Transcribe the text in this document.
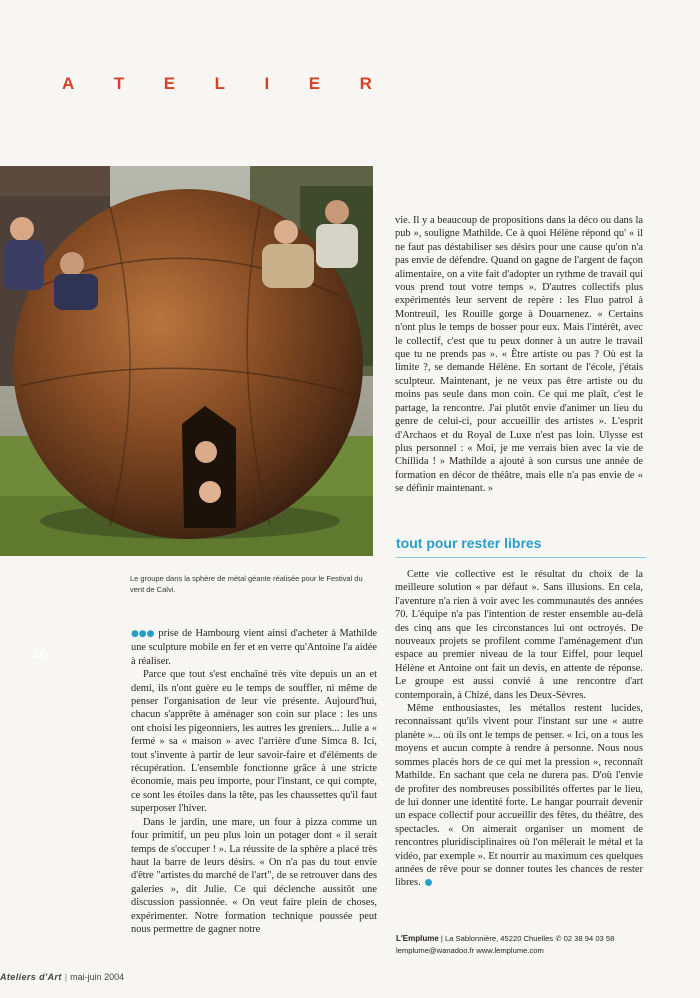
A T E L I E R
30
Le groupe dans la sphère de métal géante réalisée pour le Festival du vent de Calvi.

●●● prise de Hambourg vient ainsi d'acheter à Mathilde une sculpture mobile en fer et en verre qu'Antoine l'a aidée à réaliser.

Parce que tout s'est enchaîné très vite depuis un an et demi, ils n'ont guère eu le temps de souffler, ni même de penser l'organisation de leur vie présente. Aujourd'hui, chacun s'apprête à aménager son coin sur place : les uns ont choisi les pigeonniers, les autres les greniers... Julie a « fermé » sa « maison » avec l'arrière d'une Simca 8. Ici, tout s'invente à partir de leur savoir-faire et d'éléments de récupération. L'ensemble fonctionne grâce à une stricte économie, mais peu importe, pour l'instant, ce qui compte, ce sont les étoiles dans la tête, pas les chaussettes qu'il faut superposer l'hiver.

Dans le jardin, une mare, un four à pizza comme un four primitif, un peu plus loin un potager dont « il serait temps de s'occuper ! ». La réussite de la sphère a placé très haut la barre de leurs désirs. « On n'a pas du tout envie d'être "artistes du marché de l'art", de se retrouver dans des galeries », dit Julie. Ce qui déclenche aussitôt une discussion passionnée. « On veut faire plein de choses, expérimenter. Notre formation technique poussée peut nous permettre de gagner notre

vie. Il y a beaucoup de propositions dans la déco ou dans la pub », souligne Mathilde. Ce à quoi Hélène répond qu' « il ne faut pas déstabiliser ses désirs pour une cause qu'on n'a pas envie de défendre. Quand on gagne de l'argent de façon alimentaire, on a vite fait d'adopter un rythme de travail qui vous prend tout votre temps ». D'autres collectifs plus expérimentés leur servent de repère : les Fluo patrol à Montreuil, les Rouille gorge à Douarnenez. « Certains n'ont plus le temps de bosser pour eux. Mais l'intérêt, avec le collectif, c'est que tu peux donner à un autre le travail que tu ne prends pas ». « Être artiste ou pas ? Où est la limite ?, se demande Hélène. En sortant de l'école, j'étais sculpteur. Maintenant, je ne veux pas être artiste ou du moins pas seule dans mon coin. Ce qui me plaît, c'est le partage, la rencontre. J'ai plutôt envie d'animer un lieu du genre de celui-ci, pour accueillir des artistes ». L'esprit d'Archaos et du Royal de Luxe n'est pas loin. Ulysse est plus personnel : « Moi, je me verrais bien avec la vie de Chillida ! » Mathilde a ajouté à son cursus une année de formation en décor de théâtre, mais elle n'a pas envie de « se définir maintenant. »

tout pour rester libres

Cette vie collective est le résultat du choix de la meilleure solution « par défaut ». Sans illusions. En cela, l'aventure n'a rien à voir avec les communautés des années 70. L'équipe n'a pas l'intention de rester ensemble au-delà des cinq ans que les circonstances lui ont octroyés. De nouveaux projets se profilent comme l'aménagement d'un espace au premier niveau de la tour Eiffel, pour lequel Hélène et Antoine ont fait un devis, en attente de réponse. Le groupe est aussi convié à une rencontre d'art contemporain, à Chizé, dans les Deux-Sèvres.

Même enthousiastes, les métallos restent lucides, reconnaissant qu'ils vivent pour l'instant sur une « autre planète »... où ils ont le temps de penser. « Ici, on a tous les moyens et aucun compte à rendre à personne. Nous nous sommes placés hors de ce qui met la pression », reconnaît Mathilde. En sachant que cela ne durera pas. D'où l'envie de profiter des nombreuses possibilités offertes par le lieu, de lui donner une identité forte. Le hangar pourrait devenir un espace collectif pour accueillir des fêtes, du théâtre, des spectacles. « On aimerait organiser un moment de rencontres pluridisciplinaires où l'on mêlerait le métal et la vidéo, par exemple ». Et nourrir au maximum ces quelques années de rêve pour se donner toutes les chances de rester libres.

L'Emplume | La Sablonnière, 45220 Chuelles ✆ 02 38 94 03 58
lemplume@wanadoo.fr www.lemplume.com
Ateliers d'Art | mai-juin 2004
